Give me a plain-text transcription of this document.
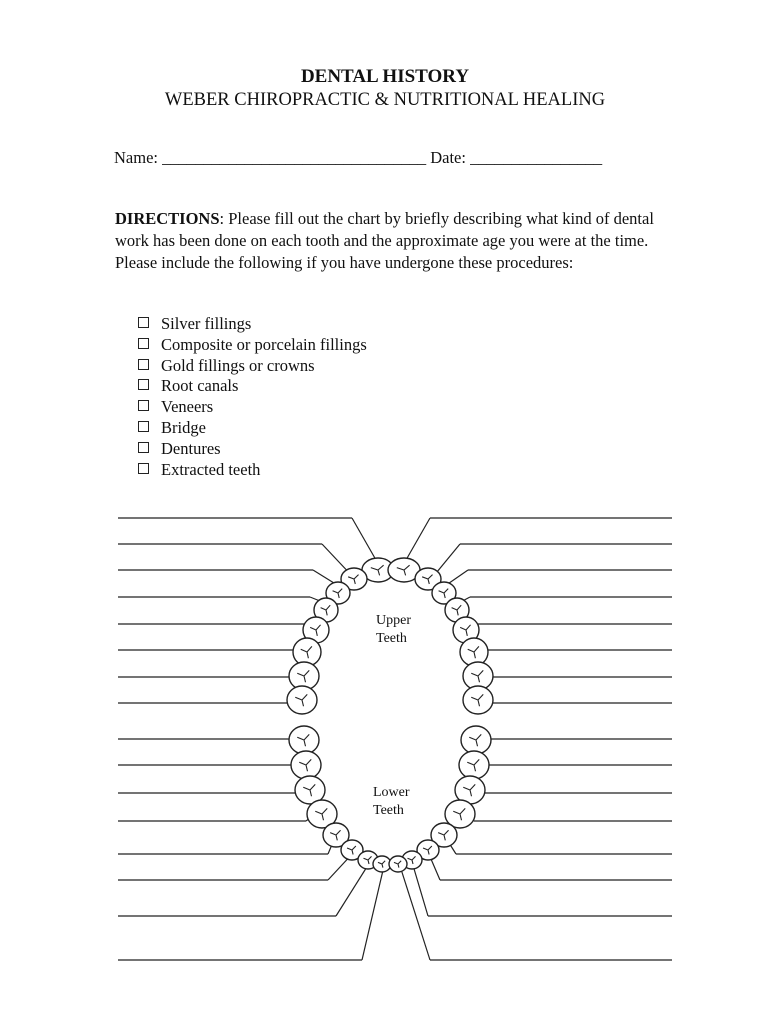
DENTAL HISTORY
WEBER CHIROPRACTIC & NUTRITIONAL HEALING
Name: ________________________________ Date: ________________
DIRECTIONS: Please fill out the chart by briefly describing what kind of dental work has been done on each tooth and the approximate age you were at the time. Please include the following if you have undergone these procedures:
Silver fillings
Composite or porcelain fillings
Gold fillings or crowns
Root canals
Veneers
Bridge
Dentures
Extracted teeth
Upper
Teeth
Lower
Teeth
